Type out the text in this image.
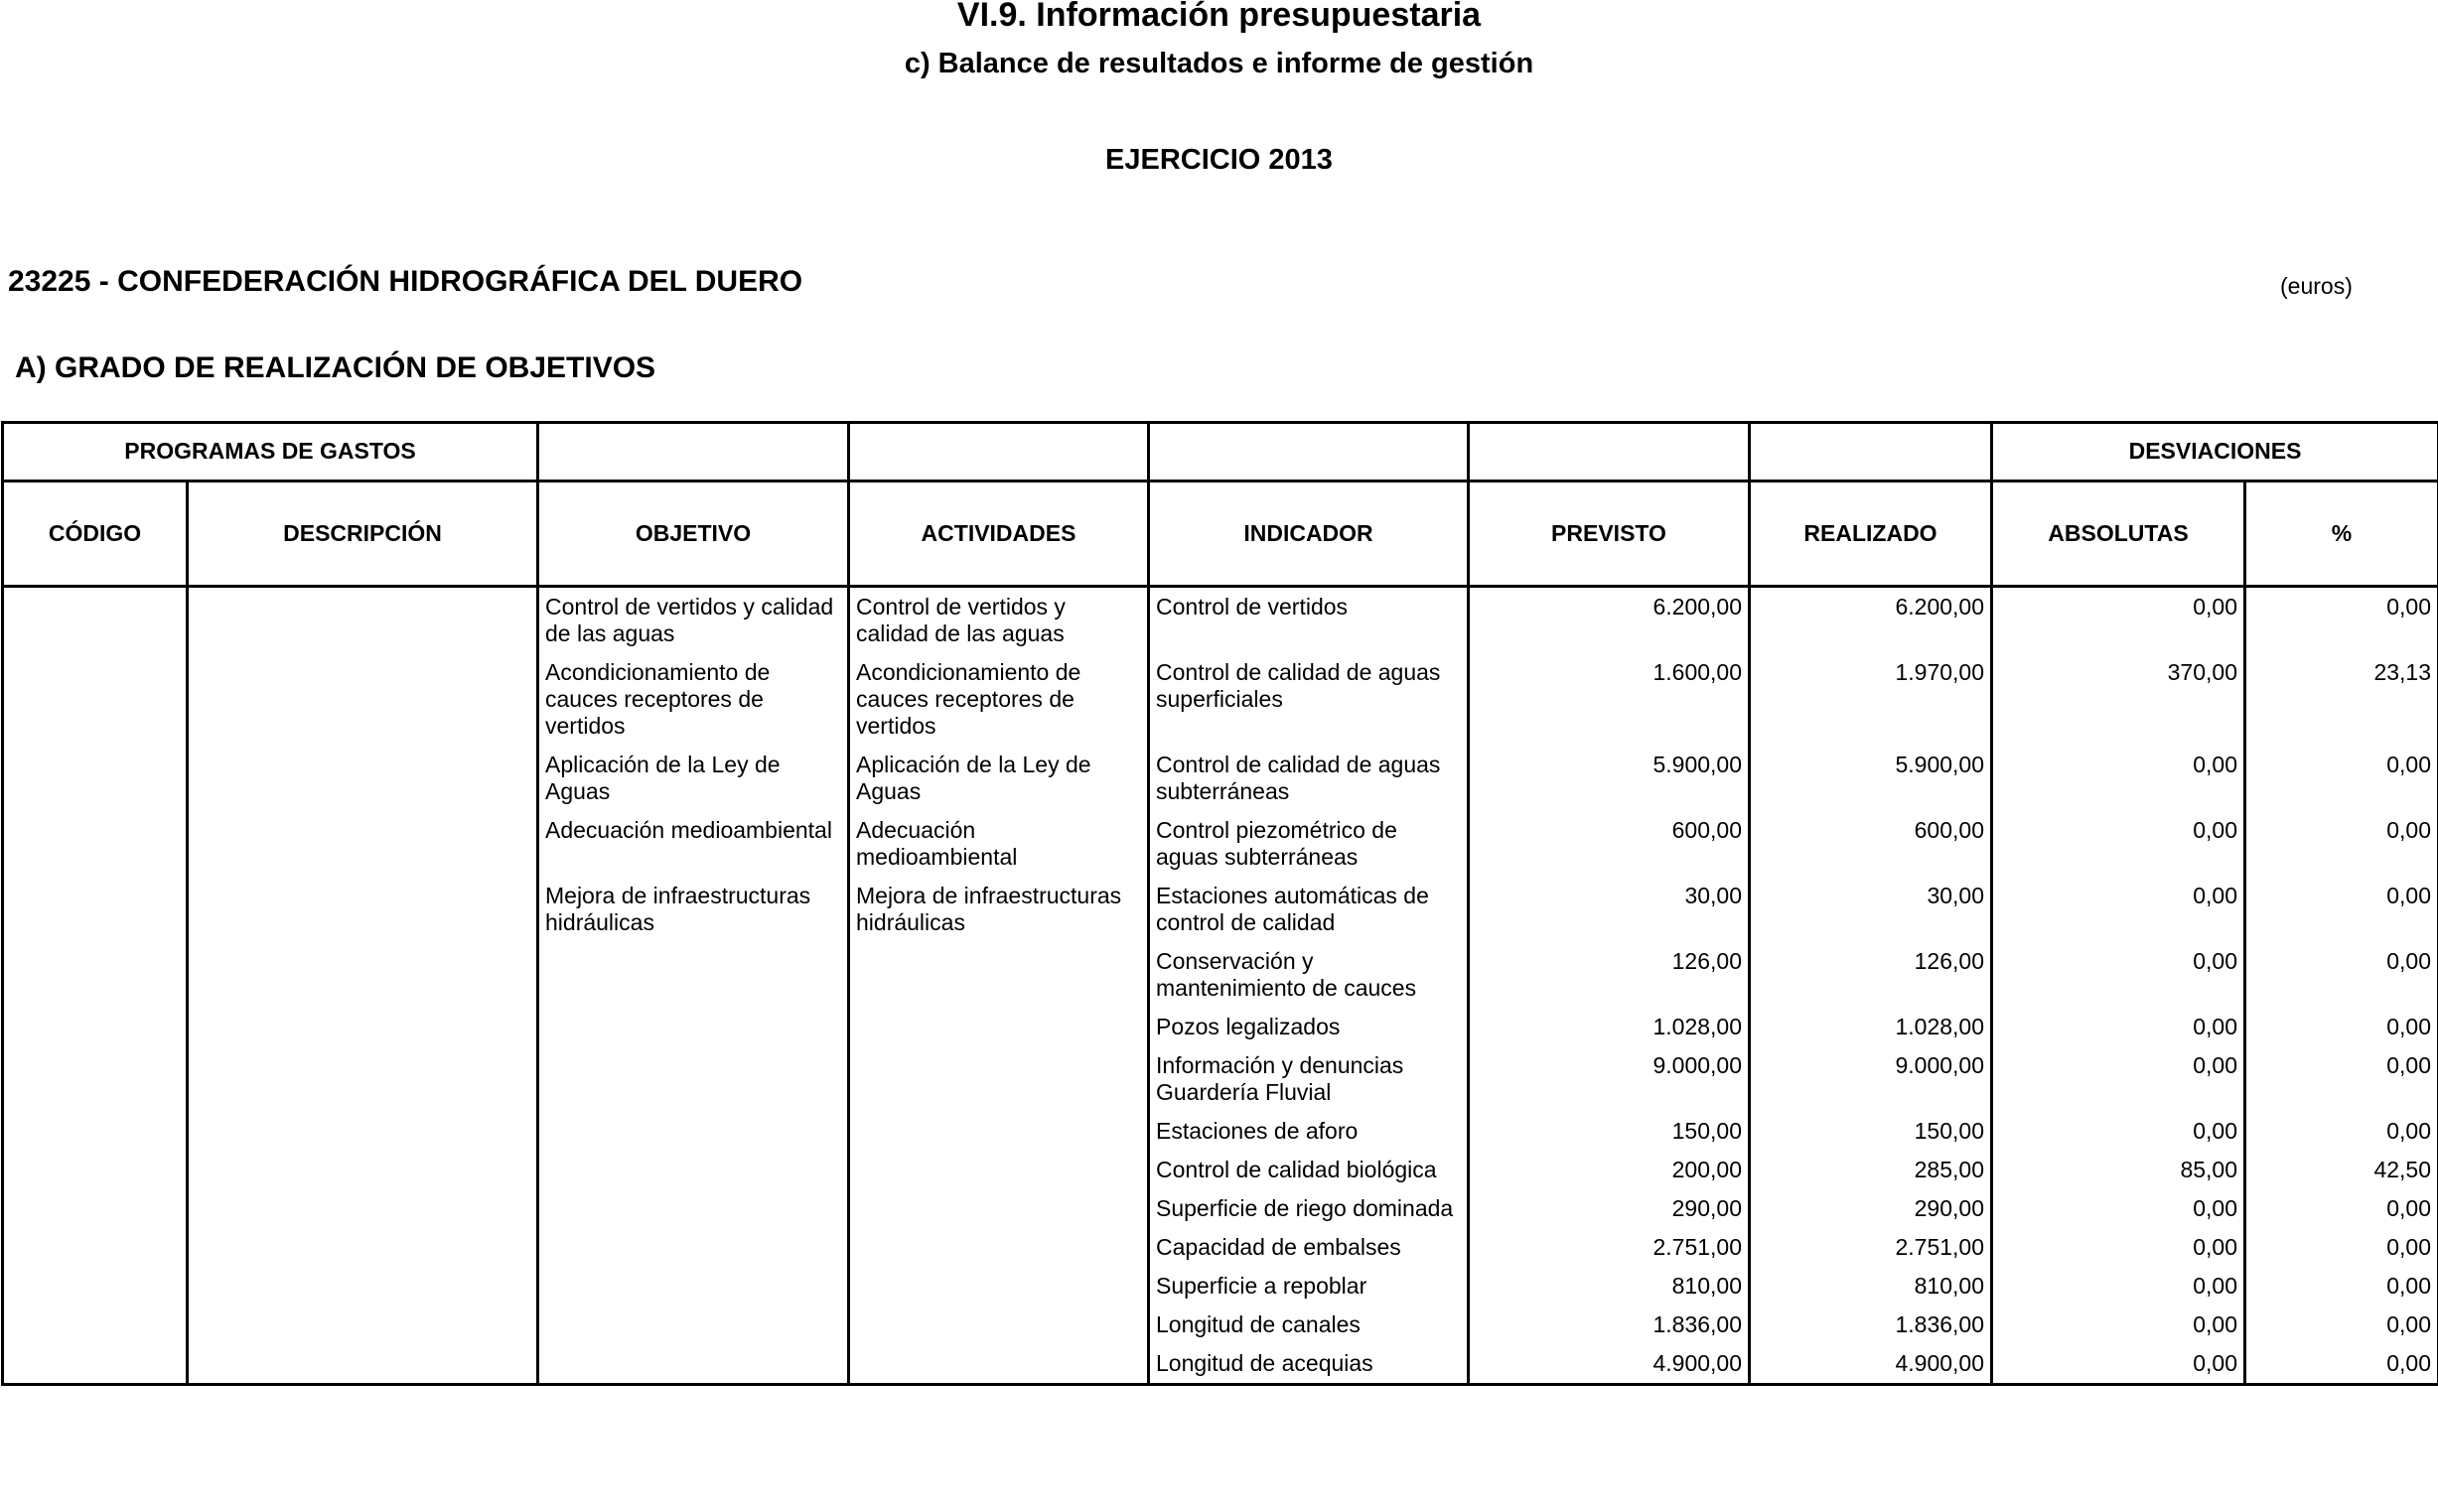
VI.9. Información presupuestaria
c) Balance de resultados e informe de gestión
EJERCICIO 2013
23225 - CONFEDERACIÓN HIDROGRÁFICA DEL DUERO	(euros)
A) GRADO DE REALIZACIÓN DE OBJETIVOS
PROGRAMAS DE GASTOS							DESVIACIONES	
CÓDIGO	DESCRIPCIÓN	OBJETIVO	ACTIVIDADES	INDICADOR	PREVISTO	REALIZADO	ABSOLUTAS	%
		Control de vertidos y calidad de las aguas	Control de vertidos y calidad de las aguas	Control de vertidos	6.200,00	6.200,00	0,00	0,00
		Acondicionamiento de cauces receptores de vertidos	Acondicionamiento de cauces receptores de vertidos	Control de calidad de aguas superficiales	1.600,00	1.970,00	370,00	23,13
		Aplicación de la Ley de Aguas	Aplicación de la Ley de Aguas	Control de calidad de aguas subterráneas	5.900,00	5.900,00	0,00	0,00
		Adecuación medioambiental	Adecuación medioambiental	Control piezométrico de aguas subterráneas	600,00	600,00	0,00	0,00
		Mejora de infraestructuras hidráulicas	Mejora de infraestructuras hidráulicas	Estaciones automáticas de control de calidad	30,00	30,00	0,00	0,00
				Conservación y mantenimiento de cauces	126,00	126,00	0,00	0,00
				Pozos legalizados	1.028,00	1.028,00	0,00	0,00
				Información y denuncias Guardería Fluvial	9.000,00	9.000,00	0,00	0,00
				Estaciones de aforo	150,00	150,00	0,00	0,00
				Control de calidad biológica	200,00	285,00	85,00	42,50
				Superficie de riego dominada	290,00	290,00	0,00	0,00
				Capacidad de embalses	2.751,00	2.751,00	0,00	0,00
				Superficie a repoblar	810,00	810,00	0,00	0,00
				Longitud de canales	1.836,00	1.836,00	0,00	0,00
				Longitud de acequias	4.900,00	4.900,00	0,00	0,00
